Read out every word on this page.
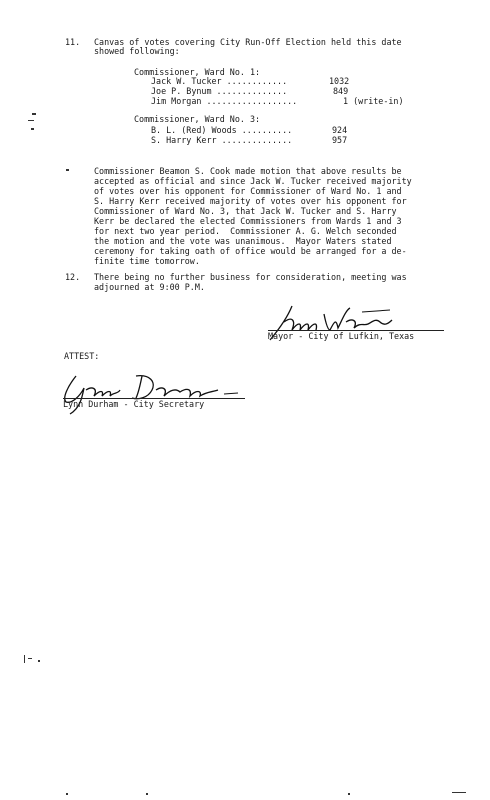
11. Canvas of votes covering City Run-Off Election held this date
showed following:
Commissioner, Ward No. 1:
Jack W. Tucker ............	1032
Joe P. Bynum ..............	849
Jim Morgan ..................	1 (write-in)
Commissioner, Ward No. 3:
B. L. (Red) Woods ..........	924
S. Harry Kerr ..............	957
Commissioner Beamon S. Cook made motion that above results be
accepted as official and since Jack W. Tucker received majority
of votes over his opponent for Commissioner of Ward No. 1 and
S. Harry Kerr received majority of votes over his opponent for
Commissioner of Ward No. 3, that Jack W. Tucker and S. Harry
Kerr be declared the elected Commissioners from Wards 1 and 3
for next two year period.  Commissioner A. G. Welch seconded
the motion and the vote was unanimous.  Mayor Waters stated
ceremony for taking oath of office would be arranged for a de-
finite time tomorrow.
12. There being no further business for consideration, meeting was
adjourned at 9:00 P.M.
Mayor - City of Lufkin, Texas
ATTEST:
Lynn Durham - City Secretary
